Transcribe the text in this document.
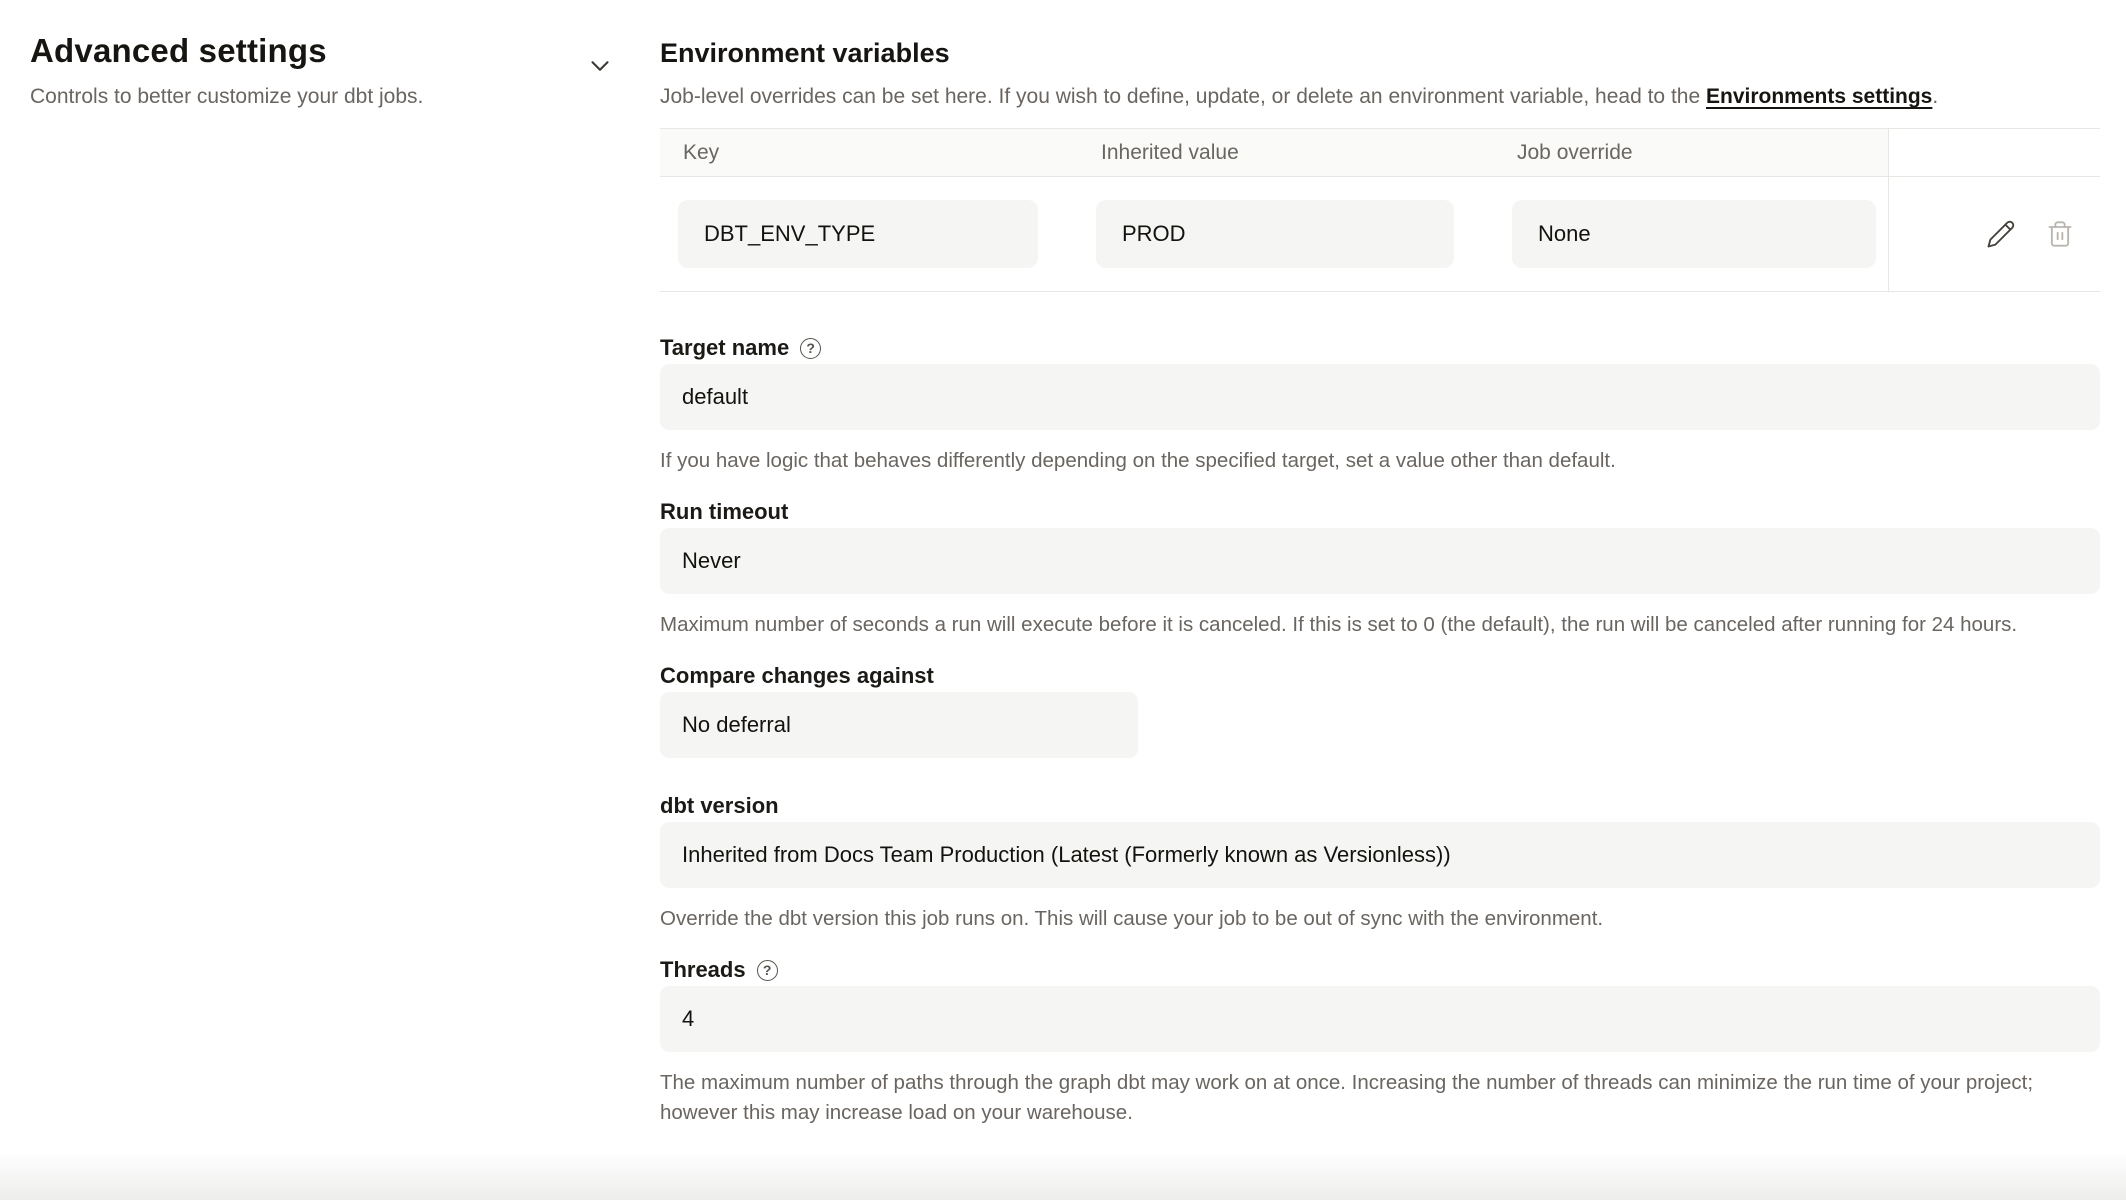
Advanced settings

Controls to better customize your dbt jobs.

Environment variables

Job-level overrides can be set here. If you wish to define, update, or delete an environment variable, head to the Environments settings.

Key	Inherited value	Job override
DBT_ENV_TYPE	PROD	None
Target name	?
default

If you have logic that behaves differently depending on the specified target, set a value other than default.

Run timeout
Never

Maximum number of seconds a run will execute before it is canceled. If this is set to 0 (the default), the run will be canceled after running for 24 hours.

Compare changes against
No deferral
dbt version
Inherited from Docs Team Production (Latest (Formerly known as Versionless))

Override the dbt version this job runs on. This will cause your job to be out of sync with the environment.

Threads	?
4

The maximum number of paths through the graph dbt may work on at once. Increasing the number of threads can minimize the run time of your project; however this may increase load on your warehouse.
